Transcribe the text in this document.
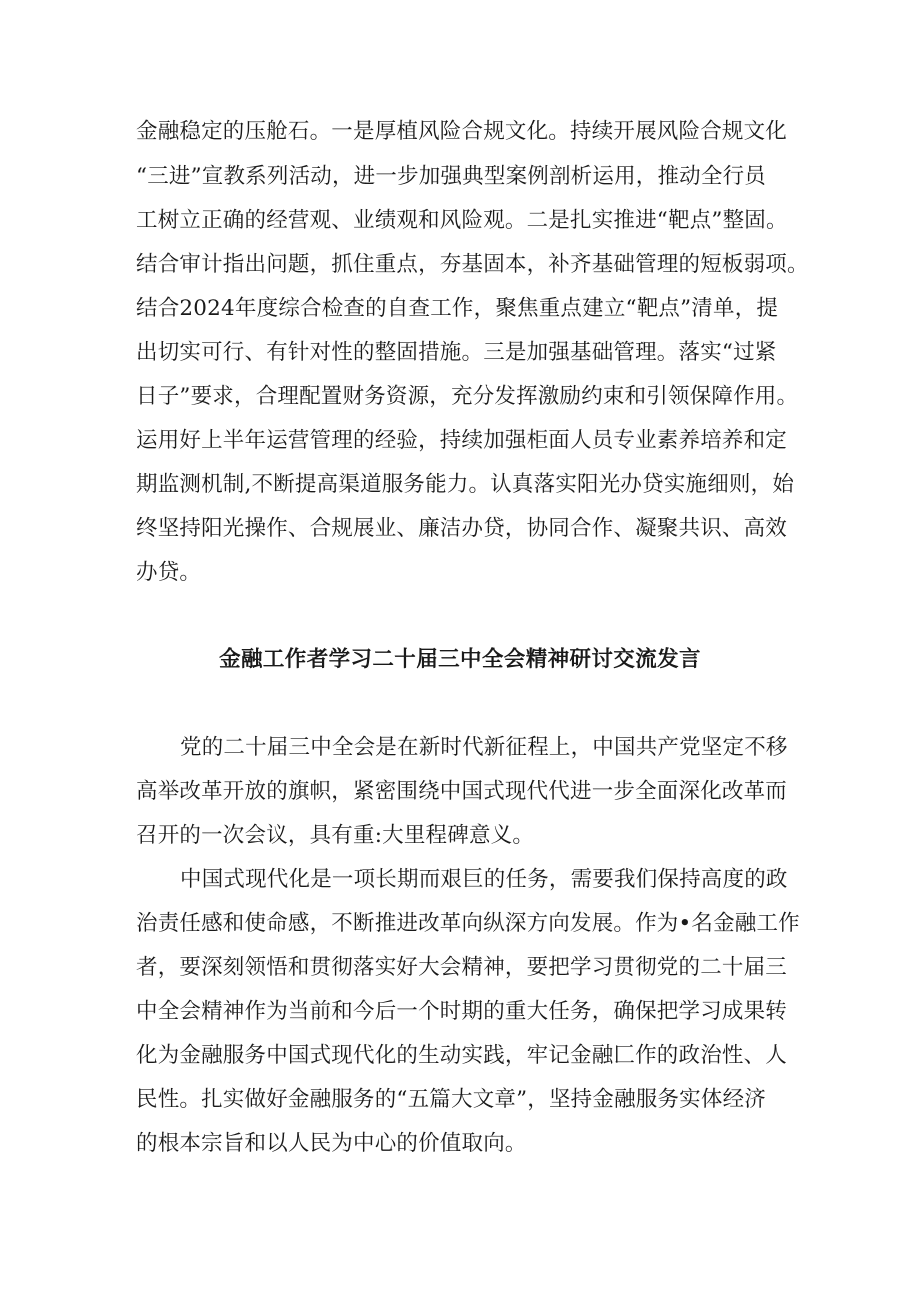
金融稳定的压舱石。一是厚植风险合规文化。持续开展风险合规文化
“三进”宣教系列活动，进一步加强典型案例剖析运用，推动全行员
工树立正确的经营观、业绩观和风险观。二是扎实推进“靶点”整固。
结合审计指出问题，抓住重点，夯基固本，补齐基础管理的短板弱项。
结合2024年度综合检查的自查工作，聚焦重点建立“靶点”清单，提
出切实可行、有针对性的整固措施。三是加强基础管理。落实“过紧
日子”要求，合理配置财务资源，充分发挥激励约束和引领保障作用。
运用好上半年运营管理的经验，持续加强柜面人员专业素养培养和定
期监测机制,不断提高渠道服务能力。认真落实阳光办贷实施细则，始
终坚持阳光操作、合规展业、廉洁办贷，协同合作、凝聚共识、高效
办贷。
金融工作者学习二十届三中全会精神研讨交流发言
党的二十届三中全会是在新时代新征程上，中国共产党坚定不移
高举改革开放的旗帜，紧密围绕中国式现代代进一步全面深化改革而
召开的一次会议，具有重:大里程碑意义。
中国式现代化是一项长期而艰巨的任务，需要我们保持高度的政
治责任感和使命感，不断推进改革向纵深方向发展。作为•名金融工作
者，要深刻领悟和贯彻落实好大会精神，要把学习贯彻党的二十届三
中全会精神作为当前和今后一个时期的重大任务，确保把学习成果转
化为金融服务中国式现代化的生动实践，牢记金融匚作的政治性、人
民性。扎实做好金融服务的“五篇大文章”，坚持金融服务实体经济
的根本宗旨和以人民为中心的价值取向。
